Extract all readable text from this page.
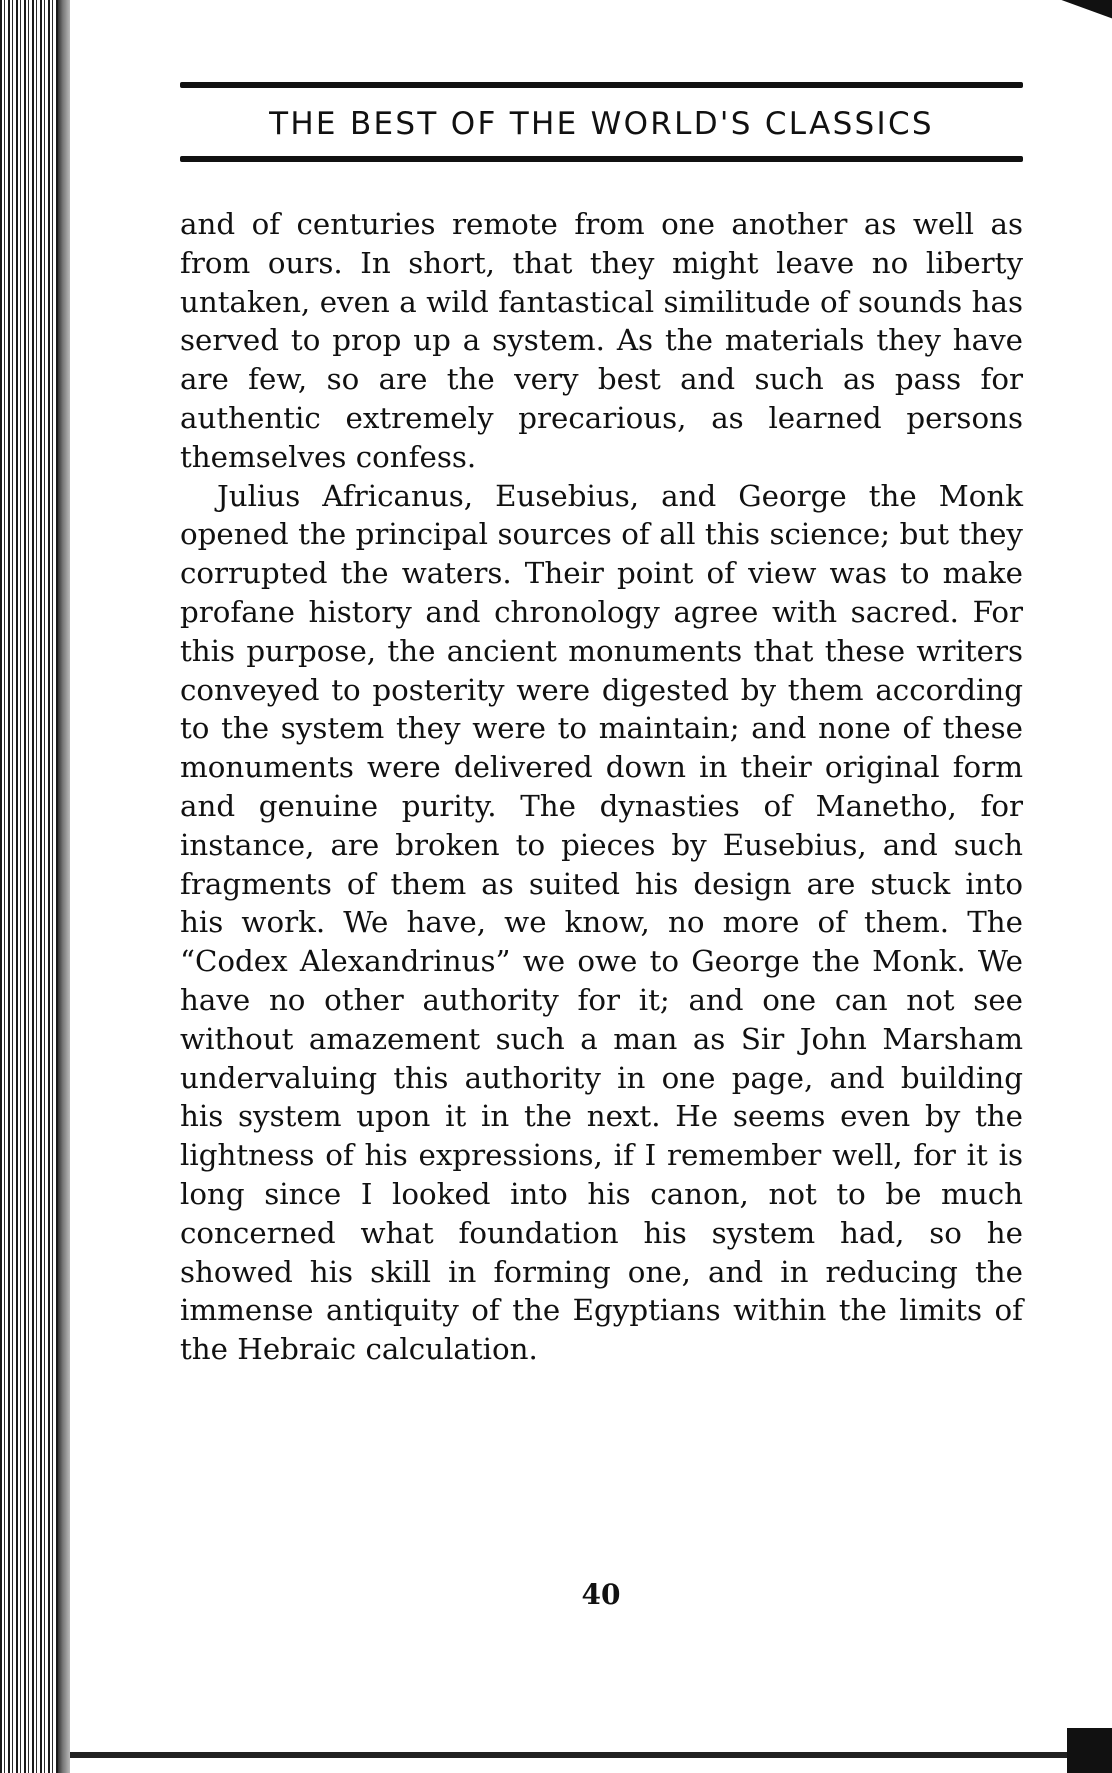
THE BEST OF THE WORLD'S CLASSICS

and of centuries remote from one another as well as from ours. In short, that they might leave no liberty untaken, even a wild fantastical similitude of sounds has served to prop up a system. As the materials they have are few, so are the very best and such as pass for authentic extremely precarious, as learned persons themselves confess.

Julius Africanus, Eusebius, and George the Monk opened the principal sources of all this science; but they corrupted the waters. Their point of view was to make profane history and chronology agree with sacred. For this purpose, the ancient monuments that these writers conveyed to posterity were digested by them according to the system they were to maintain; and none of these monuments were delivered down in their original form and genuine purity. The dynasties of Manetho, for instance, are broken to pieces by Eusebius, and such fragments of them as suited his design are stuck into his work. We have, we know, no more of them. The “Codex Alexandrinus” we owe to George the Monk. We have no other authority for it; and one can not see without amazement such a man as Sir John Marsham undervaluing this authority in one page, and building his system upon it in the next. He seems even by the lightness of his expressions, if I remember well, for it is long since I looked into his canon, not to be much concerned what foundation his system had, so he showed his skill in forming one, and in reducing the immense antiquity of the Egyptians within the limits of the Hebraic calculation.

40
